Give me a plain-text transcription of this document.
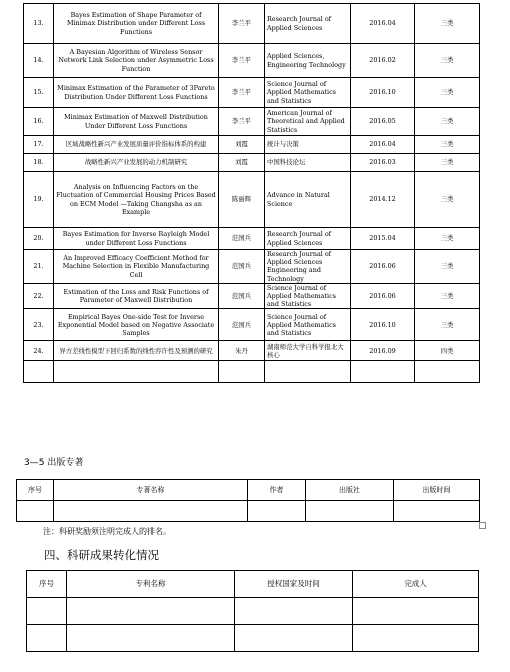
13.	Bayes Estimation of Shape Parameter of Minimax Distribution under Different Loss Functions	李兰平	Research Journal of Applied Sciences	2016.04	三类
14.	A Bayesian Algorithm of Wireless Sensor Network Link Selection under Asymmetric Loss Function	李兰平	Applied Sciences, Engineering Technology	2016.02	三类
15.	Minimax Estimation of the Parameter of 3Pareto Distribution Under Different Loss Functions	李兰平	Science Journal of Applied Mathematics and Statistics	2016.10	三类
16.	Minimax Estimation of Maxwell Distribution Under Different Loss Functions	李兰平	American Journal of Theoretical and Applied Statistics	2016.05	三类
17.	区域战略性新兴产业发展质量评价指标体系的构建	刘霞	统计与决策	2016.04	三类
18.	战略性新兴产业发展的动力机制研究	刘霞	中国科技论坛	2016.03	三类
19.	Analysis on Influencing Factors on the Fluctuation of Commercial Housing Prices Based on ECM Model —Taking Changsha as an Example	陈丽辉	Advance in Natural Science	2014.12	三类
20.	Bayes Estimation for Inverse Rayleigh Model under Different Loss Functions	范国兵	Research Journal of Applied Sciences	2015.04	三类
21.	An Improved Efficacy Coefficient Method for Machine Selection in Flexible Manufacturing Cell	范国兵	Research Journal of Applied Sciences Engineering and Technology	2016.06	三类
22.	Estimation of the Loss and Risk Functions of Parameter of Maxwell Distribution	范国兵	Science Journal of Applied Mathematics and Statistics	2016.06	三类
23.	Empirical Bayes One-side Test for Inverse Exponential Model based on Negative Associate Samples	范国兵	Science Journal of Applied Mathematics and Statistics	2016.10	三类
24.	异方差线性模型下回归系数的线性容许性及预测的研究	朱丹	湖南师范大学自科学报北大核心	2016.09	四类

3—5 出版专著
序号	专著名称	作者	出版社	出版时间

注：科研奖励须注明完成人的排名。
四、科研成果转化情况
序号	专利名称	授权国家及时间	完成人
